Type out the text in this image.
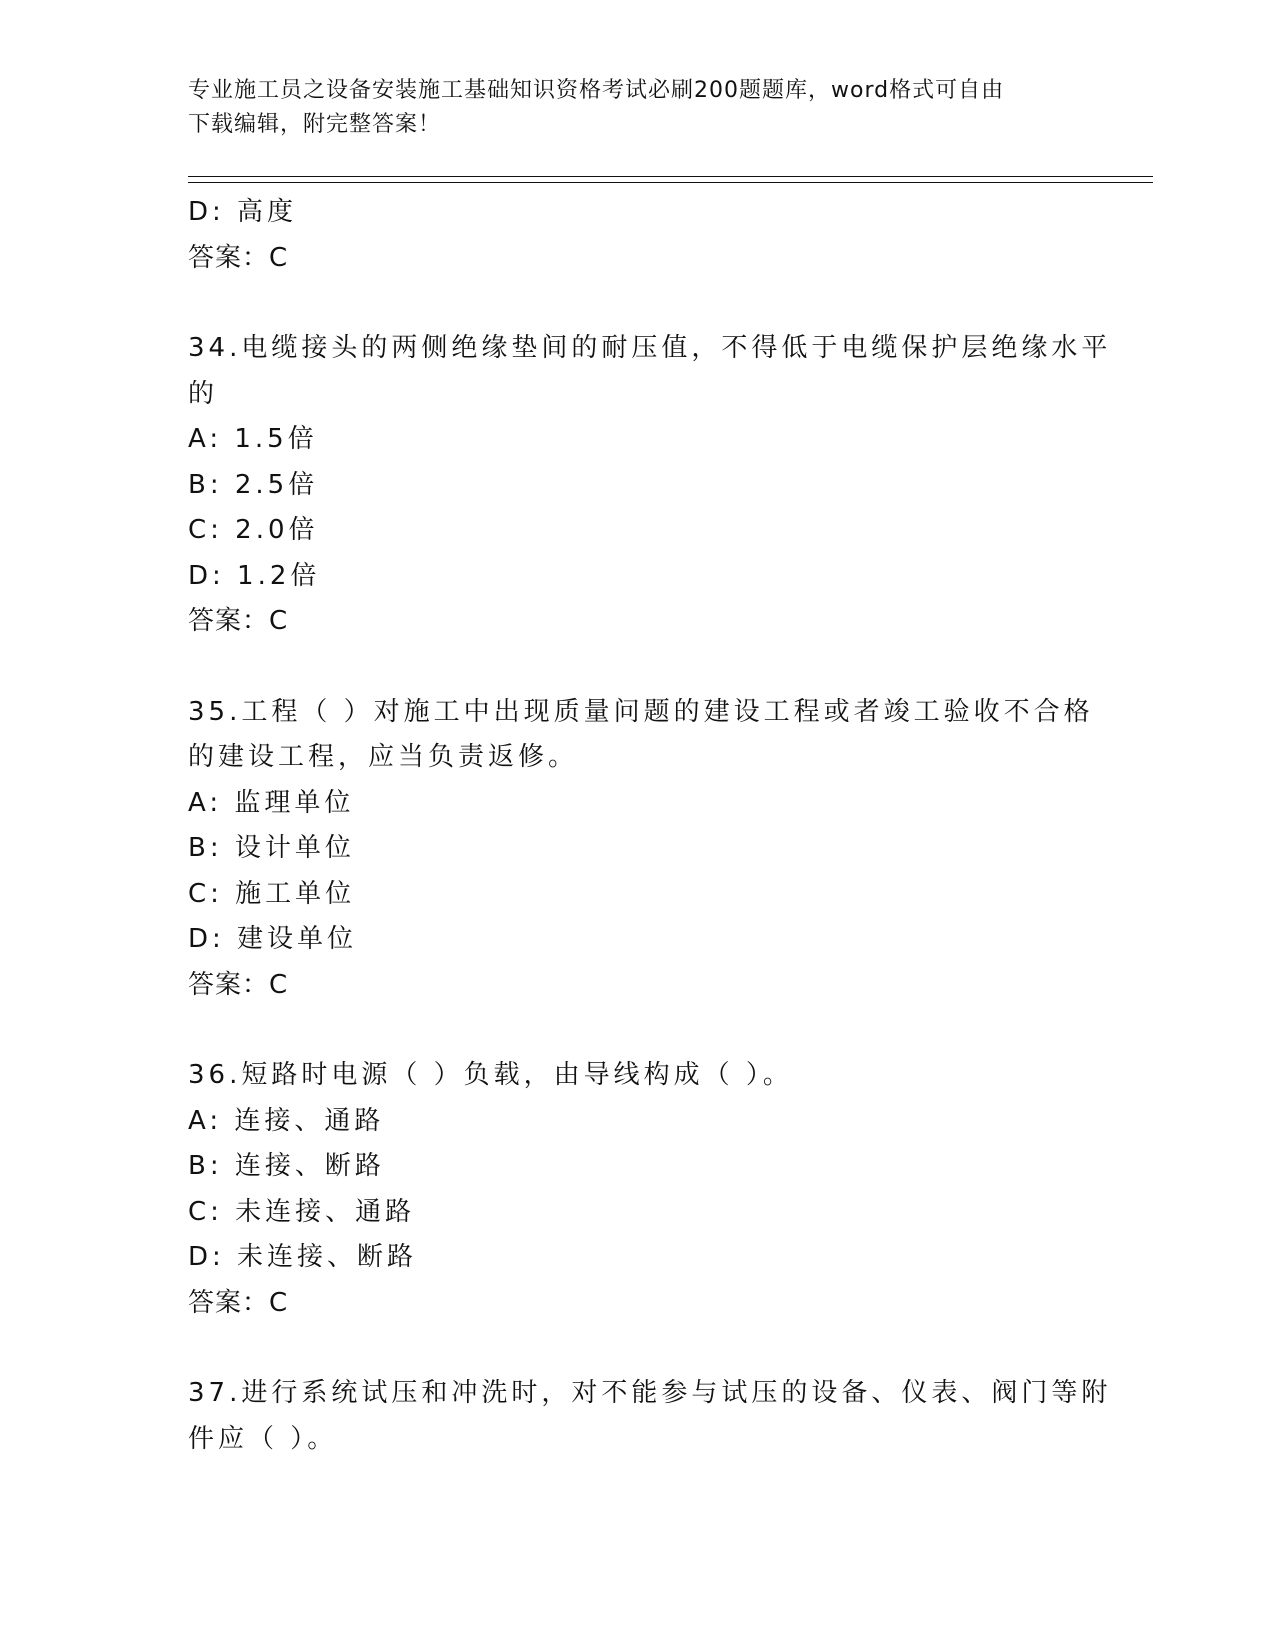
专业施工员之设备安装施工基础知识资格考试必刷200题题库，word格式可自由
下载编辑，附完整答案！
D: 高度
答案：C
34.电缆接头的两侧绝缘垫间的耐压值，不得低于电缆保护层绝缘水平
的
A: 1.5倍
B: 2.5倍
C: 2.0倍
D: 1.2倍
答案：C
35.工程（ ）对施工中出现质量问题的建设工程或者竣工验收不合格
的建设工程，应当负责返修。
A: 监理单位
B: 设计单位
C: 施工单位
D: 建设单位
答案：C
36.短路时电源（ ）负载，由导线构成（ ）。
A: 连接、通路
B: 连接、断路
C: 未连接、通路
D: 未连接、断路
答案：C
37.进行系统试压和冲洗时，对不能参与试压的设备、仪表、阀门等附
件应（ ）。
